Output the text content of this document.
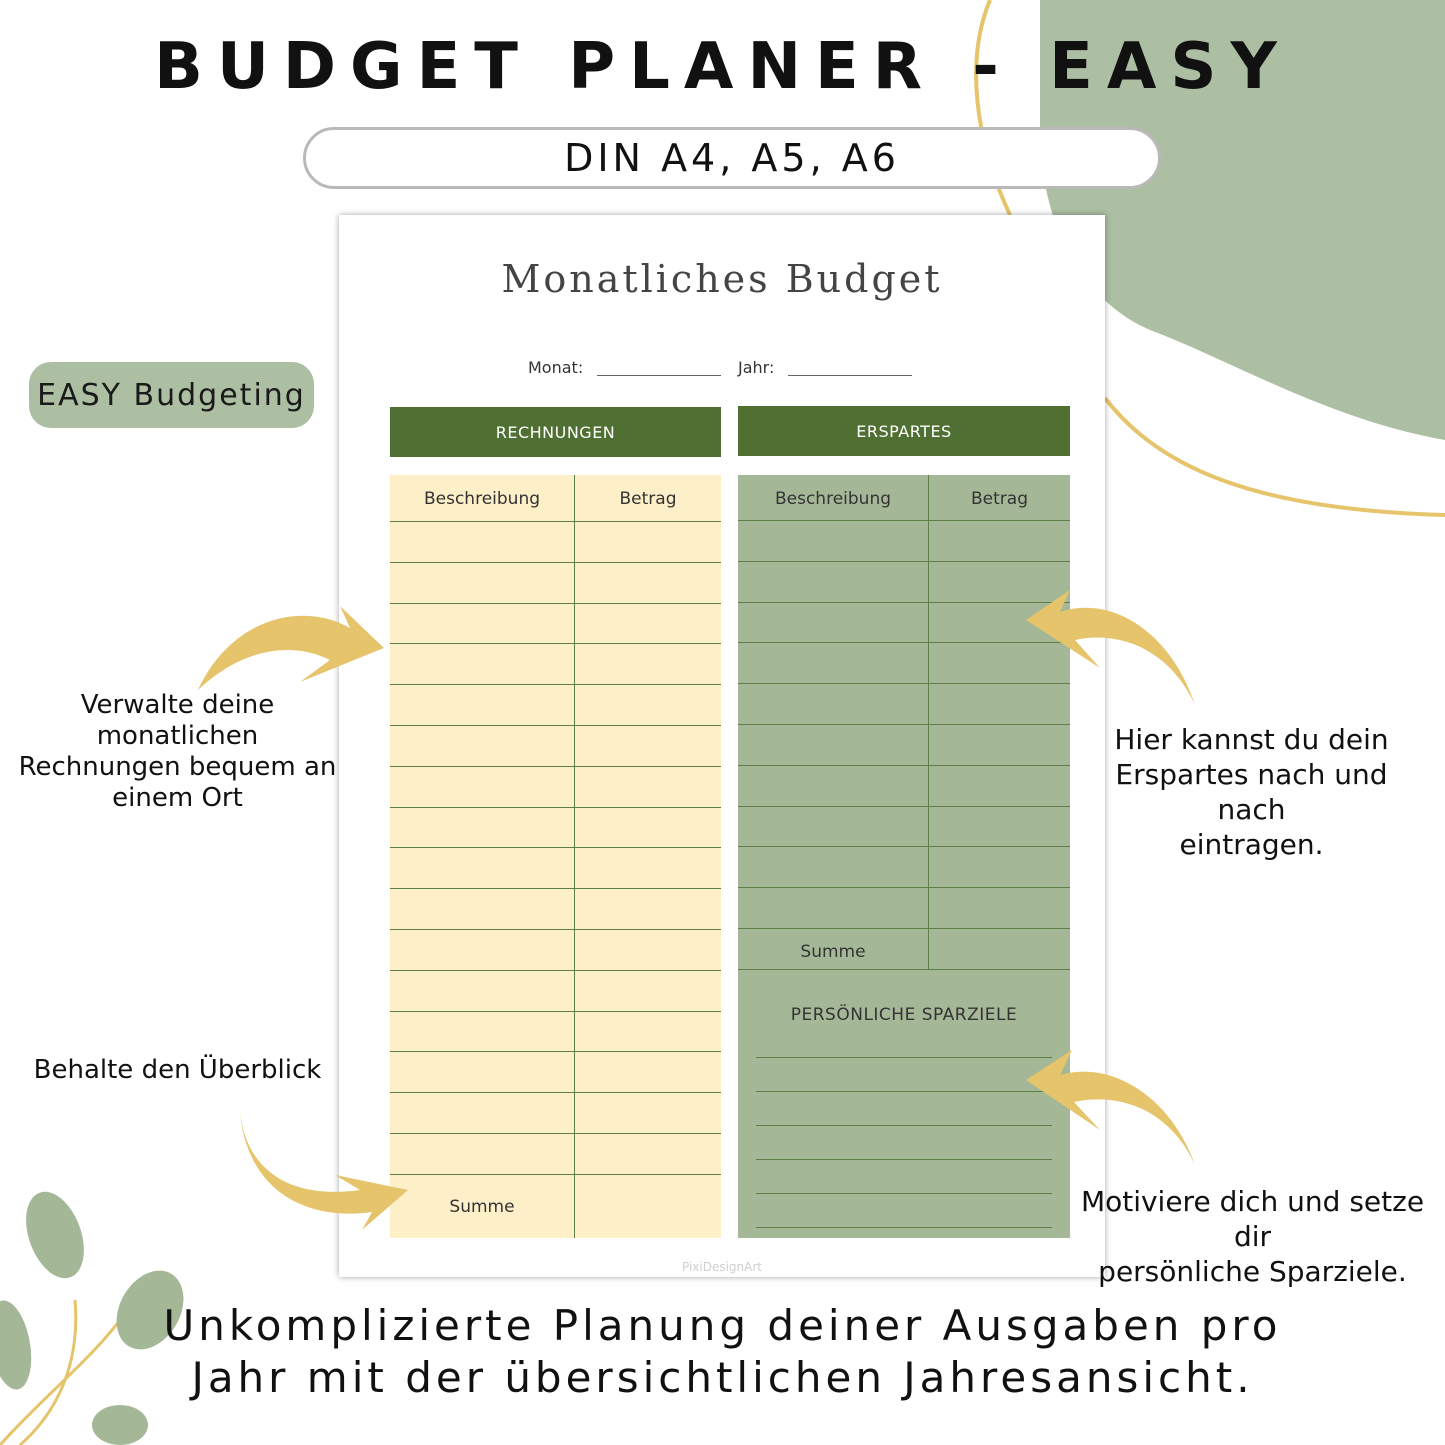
BUDGET PLANER - EASY
DIN A4, A5, A6
EASY Budgeting
Monatliches Budget
Monat:	Jahr:
RECHNUNGEN	ERSPARTES
Beschreibung	Betrag
Summe
Beschreibung	Betrag
Summe
PERSÖNLICHE SPARZIELE
PixiDesignArt
Verwalte deine monatlichen
Rechnungen bequem an
einem Ort
Behalte den Überblick
Hier kannst du dein
Erspartes nach und nach
eintragen.
Motiviere dich und setze dir
persönliche Sparziele.
Unkomplizierte Planung deiner Ausgaben pro
Jahr mit der übersichtlichen Jahresansicht.
